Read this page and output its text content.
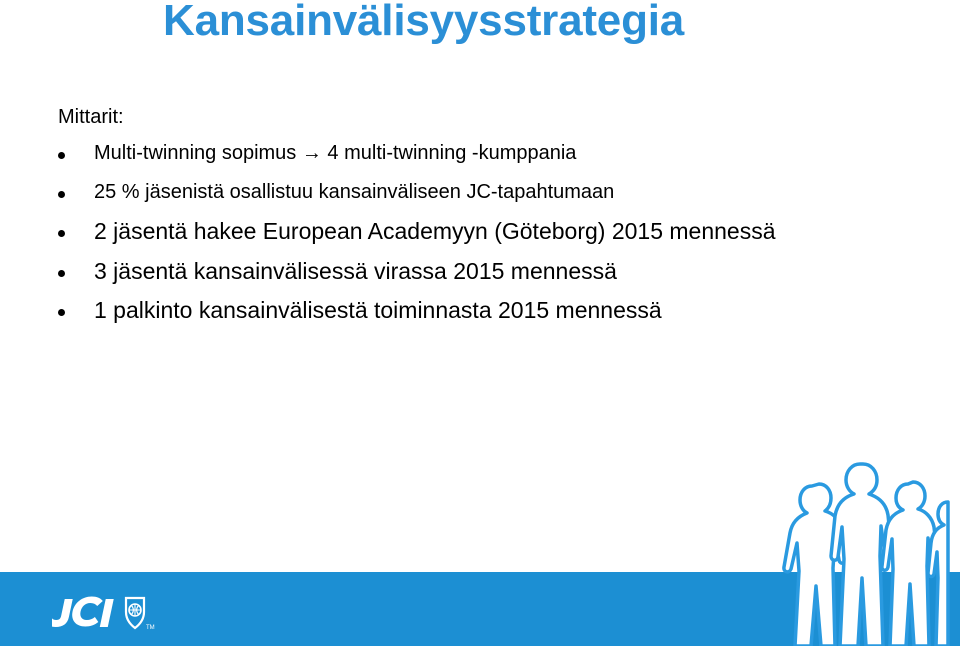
Kansainvälisyysstrategia
Mittarit:
Multi-twinning sopimus → 4 multi-twinning -kumppania
25 % jäsenistä osallistuu kansainväliseen JC-tapahtumaan
2 jäsentä hakee European Academyyn (Göteborg) 2015 mennessä
3 jäsentä kansainvälisessä virassa 2015 mennessä
1 palkinto kansainvälisestä toiminnasta 2015 mennessä
TM
